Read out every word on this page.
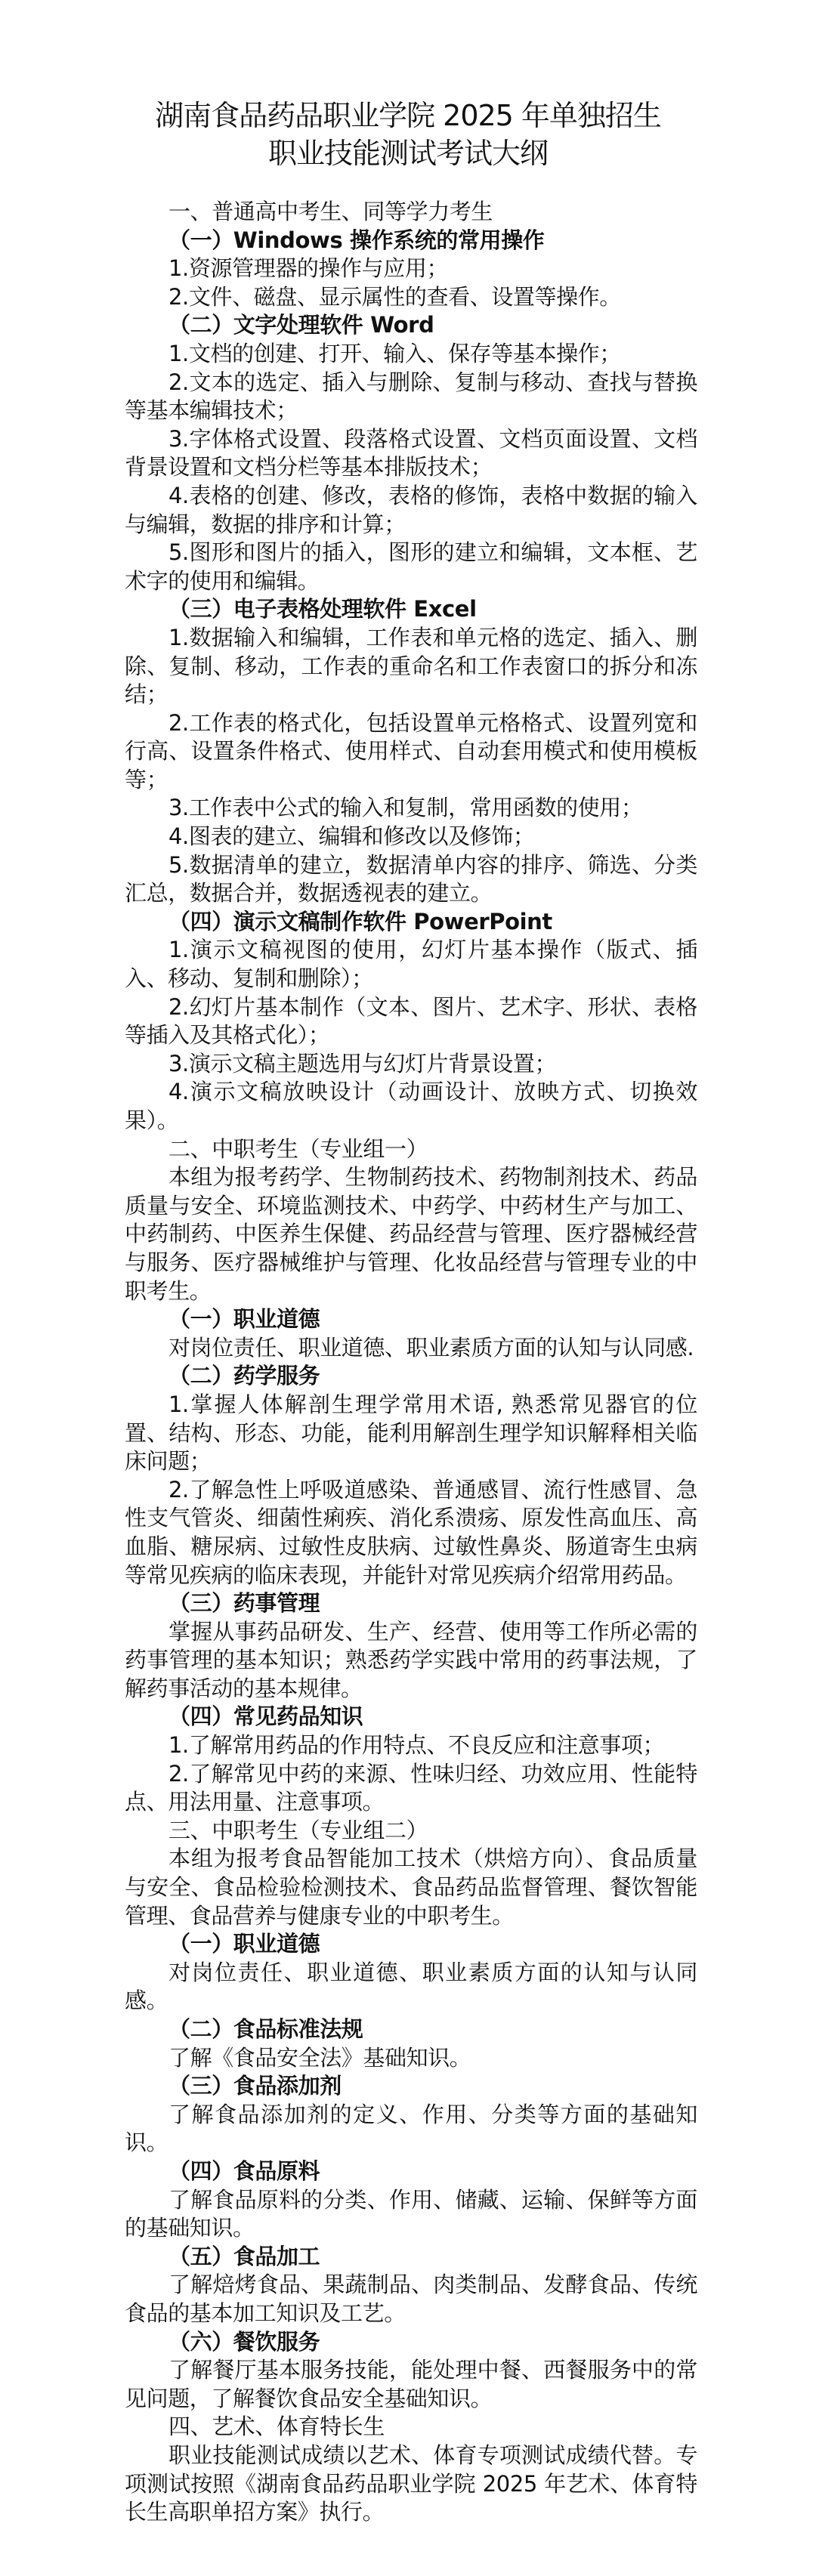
湖南食品药品职业学院 2025 年单独招生
职业技能测试考试大纲

一、普通高中考生、同等学力考生

（一）Windows 操作系统的常用操作

1.资源管理器的操作与应用；

2.文件、磁盘、显示属性的查看、设置等操作。

（二）文字处理软件 Word

1.文档的创建、打开、输入、保存等基本操作；

2.文本的选定、插入与删除、复制与移动、查找与替换等基本编辑技术；

3.字体格式设置、段落格式设置、文档页面设置、文档背景设置和文档分栏等基本排版技术；

4.表格的创建、修改，表格的修饰，表格中数据的输入与编辑，数据的排序和计算；

5.图形和图片的插入，图形的建立和编辑，文本框、艺术字的使用和编辑。

（三）电子表格处理软件 Excel

1.数据输入和编辑，工作表和单元格的选定、插入、删除、复制、移动，工作表的重命名和工作表窗口的拆分和冻结；

2.工作表的格式化，包括设置单元格格式、设置列宽和行高、设置条件格式、使用样式、自动套用模式和使用模板等；

3.工作表中公式的输入和复制，常用函数的使用；

4.图表的建立、编辑和修改以及修饰；

5.数据清单的建立，数据清单内容的排序、筛选、分类汇总，数据合并，数据透视表的建立。

（四）演示文稿制作软件 PowerPoint

1.演示文稿视图的使用，幻灯片基本操作（版式、插入、移动、复制和删除）；

2.幻灯片基本制作（文本、图片、艺术字、形状、表格等插入及其格式化）；

3.演示文稿主题选用与幻灯片背景设置；

4.演示文稿放映设计（动画设计、放映方式、切换效果）。

二、中职考生（专业组一）

本组为报考药学、生物制药技术、药物制剂技术、药品质量与安全、环境监测技术、中药学、中药材生产与加工、中药制药、中医养生保健、药品经营与管理、医疗器械经营与服务、医疗器械维护与管理、化妆品经营与管理专业的中职考生。

（一）职业道德

对岗位责任、职业道德、职业素质方面的认知与认同感.

（二）药学服务

1.掌握人体解剖生理学常用术语, 熟悉常见器官的位置、结构、形态、功能，能利用解剖生理学知识解释相关临床问题；

2.了解急性上呼吸道感染、普通感冒、流行性感冒、急性支气管炎、细菌性痢疾、消化系溃疡、原发性高血压、高血脂、糖尿病、过敏性皮肤病、过敏性鼻炎、肠道寄生虫病等常见疾病的临床表现，并能针对常见疾病介绍常用药品。

（三）药事管理

掌握从事药品研发、生产、经营、使用等工作所必需的药事管理的基本知识；熟悉药学实践中常用的药事法规，了解药事活动的基本规律。

（四）常见药品知识

1.了解常用药品的作用特点、不良反应和注意事项；

2.了解常见中药的来源、性味归经、功效应用、性能特点、用法用量、注意事项。

三、中职考生（专业组二）

本组为报考食品智能加工技术（烘焙方向）、食品质量与安全、食品检验检测技术、食品药品监督管理、餐饮智能管理、食品营养与健康专业的中职考生。

（一）职业道德

对岗位责任、职业道德、职业素质方面的认知与认同感。

（二）食品标准法规

了解《食品安全法》基础知识。

（三）食品添加剂

了解食品添加剂的定义、作用、分类等方面的基础知识。

（四）食品原料

了解食品原料的分类、作用、储藏、运输、保鲜等方面的基础知识。

（五）食品加工

了解焙烤食品、果蔬制品、肉类制品、发酵食品、传统食品的基本加工知识及工艺。

（六）餐饮服务

了解餐厅基本服务技能，能处理中餐、西餐服务中的常见问题，了解餐饮食品安全基础知识。

四、艺术、体育特长生

职业技能测试成绩以艺术、体育专项测试成绩代替。专项测试按照《湖南食品药品职业学院 2025 年艺术、体育特长生高职单招方案》执行。
